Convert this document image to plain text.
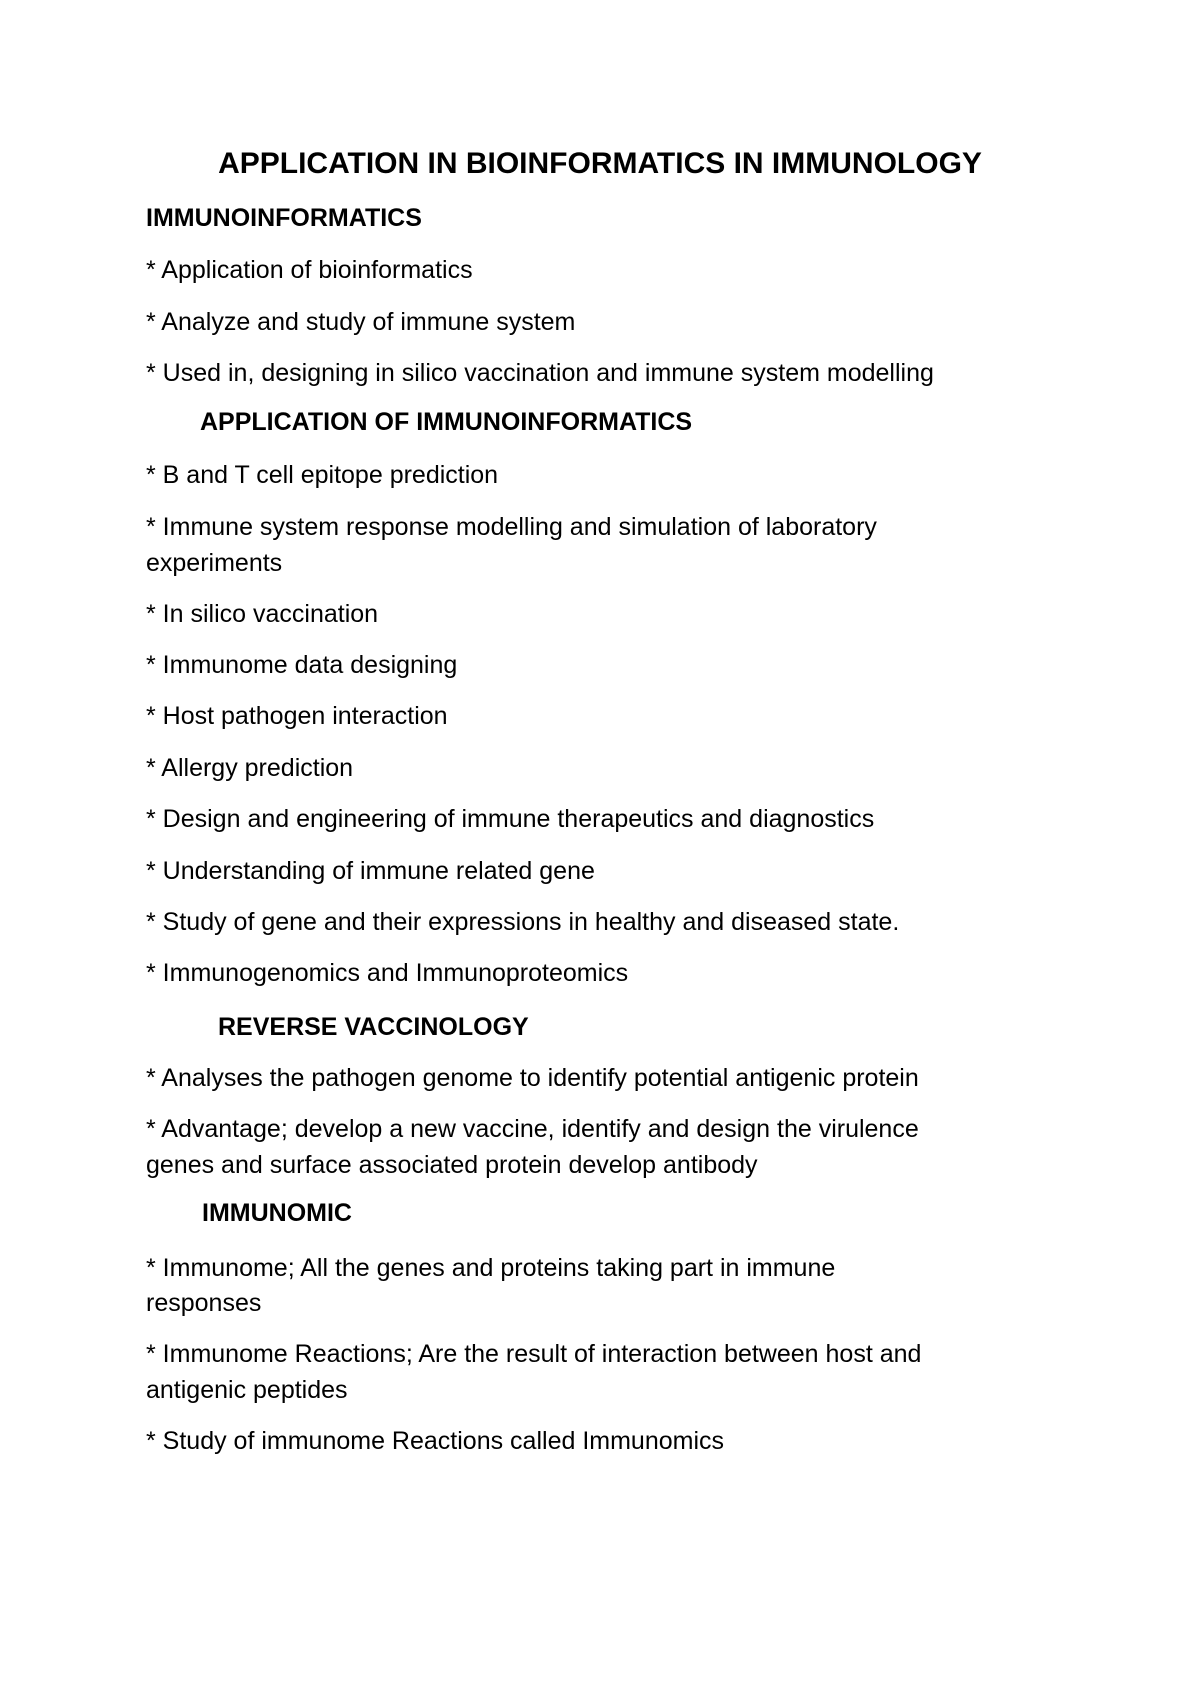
APPLICATION IN BIOINFORMATICS IN IMMUNOLOGY
IMMUNOINFORMATICS

* Application of bioinformatics

* Analyze and study of immune system

* Used in, designing in silico vaccination and immune system modelling

APPLICATION OF IMMUNOINFORMATICS

* B and T cell epitope prediction

* Immune system response modelling and simulation of laboratory

experiments

* In silico vaccination

* Immunome data designing

* Host pathogen interaction

* Allergy prediction

* Design and engineering of immune therapeutics and diagnostics

* Understanding of immune related gene

* Study of gene and their expressions in healthy and diseased state.

* Immunogenomics and Immunoproteomics

REVERSE VACCINOLOGY

* Analyses the pathogen genome to identify potential antigenic protein

* Advantage; develop a new vaccine, identify and design the virulence

genes and surface associated protein develop antibody

IMMUNOMIC

* Immunome; All the genes and proteins taking part in immune

responses

* Immunome Reactions; Are the result of interaction between host and

antigenic peptides

* Study of immunome Reactions called Immunomics
